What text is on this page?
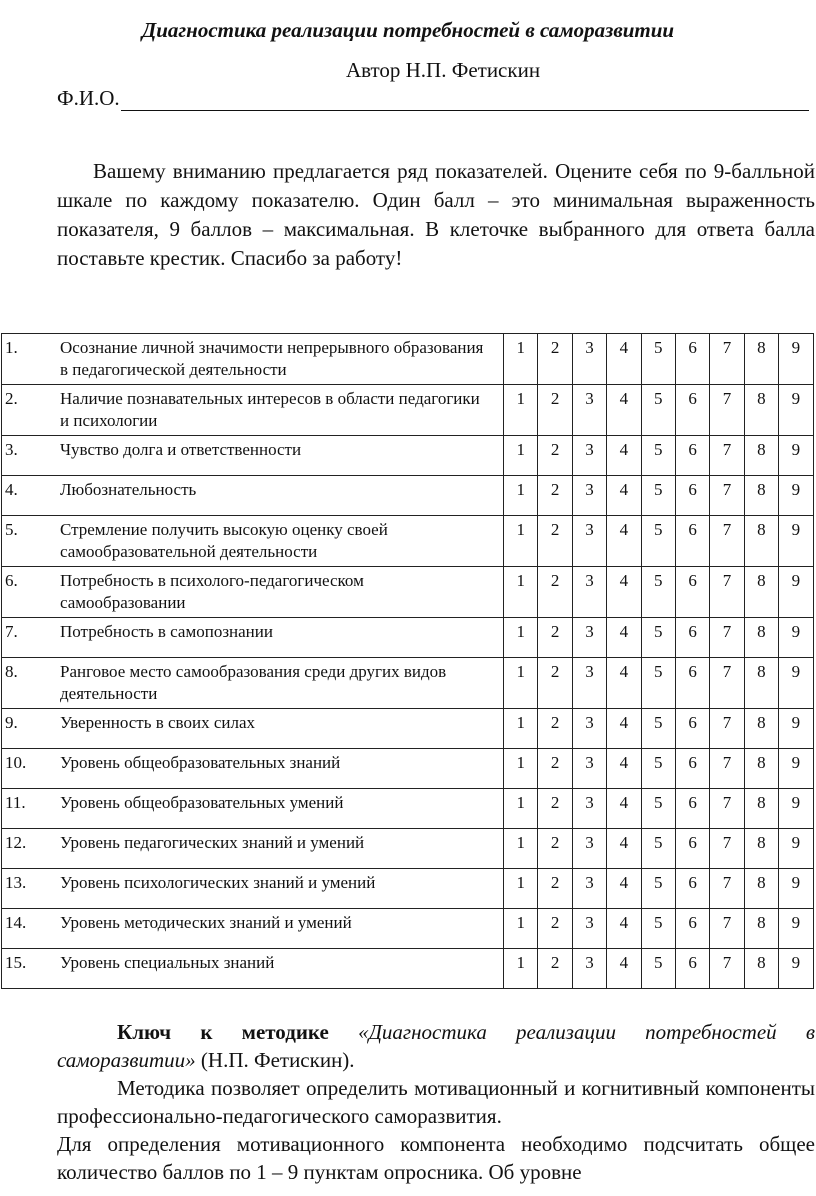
Диагностика реализации потребностей в саморазвитии
Автор Н.П. Фетискин
Ф.И.О.

Вашему вниманию предлагается ряд показателей. Оцените себя по 9-балльной шкале по каждому показателю. Один балл – это минимальная выраженность показателя, 9 баллов – максимальная. В клеточке выбранного для ответа балла поставьте крестик. Спасибо за работу!

1. Осознание личной значимости непрерывного образования в педагогической деятельности	1	2	3	4	5	6	7	8	9
2. Наличие познавательных интересов в области педагогики и психологии	1	2	3	4	5	6	7	8	9
3. Чувство долга и ответственности	1	2	3	4	5	6	7	8	9
4. Любознательность	1	2	3	4	5	6	7	8	9
5. Стремление получить высокую оценку своей самообразовательной деятельности	1	2	3	4	5	6	7	8	9
6. Потребность в психолого-педагогическом самообразовании	1	2	3	4	5	6	7	8	9
7. Потребность в самопознании	1	2	3	4	5	6	7	8	9
8. Ранговое место самообразования среди других видов деятельности	1	2	3	4	5	6	7	8	9
9. Уверенность в своих силах	1	2	3	4	5	6	7	8	9
10. Уровень общеобразовательных знаний	1	2	3	4	5	6	7	8	9
11. Уровень общеобразовательных умений	1	2	3	4	5	6	7	8	9
12. Уровень педагогических знаний и умений	1	2	3	4	5	6	7	8	9
13. Уровень психологических знаний и умений	1	2	3	4	5	6	7	8	9
14. Уровень методических знаний и умений	1	2	3	4	5	6	7	8	9
15. Уровень специальных знаний	1	2	3	4	5	6	7	8	9

Ключ к методике «Диагностика реализации потребностей в саморазвитии» (Н.П. Фетискин).

Методика позволяет определить мотивационный и когнитивный компоненты профессионально-педагогического саморазвития.

Для определения мотивационного компонента необходимо подсчитать общее количество баллов по 1 – 9 пунктам опросника. Об уровне
